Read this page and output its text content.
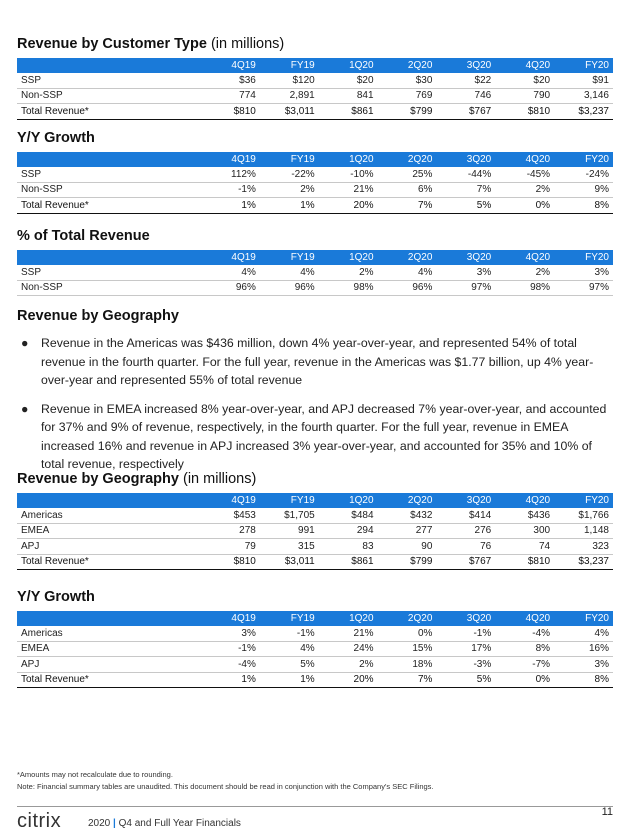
Revenue by Customer Type (in millions)
	4Q19	FY19	1Q20	2Q20	3Q20	4Q20	FY20
SSP	$36	$120	$20	$30	$22	$20	$91
Non-SSP	774	2,891	841	769	746	790	3,146
Total Revenue*	$810	$3,011	$861	$799	$767	$810	$3,237
Y/Y Growth
	4Q19	FY19	1Q20	2Q20	3Q20	4Q20	FY20
SSP	112%	-22%	-10%	25%	-44%	-45%	-24%
Non-SSP	-1%	2%	21%	6%	7%	2%	9%
Total Revenue*	1%	1%	20%	7%	5%	0%	8%
% of Total Revenue
	4Q19	FY19	1Q20	2Q20	3Q20	4Q20	FY20
SSP	4%	4%	2%	4%	3%	2%	3%
Non-SSP	96%	96%	98%	96%	97%	98%	97%
Revenue by Geography
● Revenue in the Americas was $436 million, down 4% year-over-year, and represented 54% of total revenue in the fourth quarter. For the full year, revenue in the Americas was $1.77 billion, up 4% year-over-year and represented 55% of total revenue
● Revenue in EMEA increased 8% year-over-year, and APJ decreased 7% year-over-year, and accounted for 37% and 9% of revenue, respectively, in the fourth quarter. For the full year, revenue in EMEA increased 16% and revenue in APJ increased 3% year-over-year, and accounted for 35% and 10% of total revenue, respectively
Revenue by Geography (in millions)
	4Q19	FY19	1Q20	2Q20	3Q20	4Q20	FY20
Americas	$453	$1,705	$484	$432	$414	$436	$1,766
EMEA	278	991	294	277	276	300	1,148
APJ	79	315	83	90	76	74	323
Total Revenue*	$810	$3,011	$861	$799	$767	$810	$3,237
Y/Y Growth
	4Q19	FY19	1Q20	2Q20	3Q20	4Q20	FY20
Americas	3%	-1%	21%	0%	-1%	-4%	4%
EMEA	-1%	4%	24%	15%	17%	8%	16%
APJ	-4%	5%	2%	18%	-3%	-7%	3%
Total Revenue*	1%	1%	20%	7%	5%	0%	8%
*Amounts may not recalculate due to rounding.
Note: Financial summary tables are unaudited. This document should be read in conjunction with the Company's SEC Filings.
citrix	2020 | Q4 and Full Year Financials
11
